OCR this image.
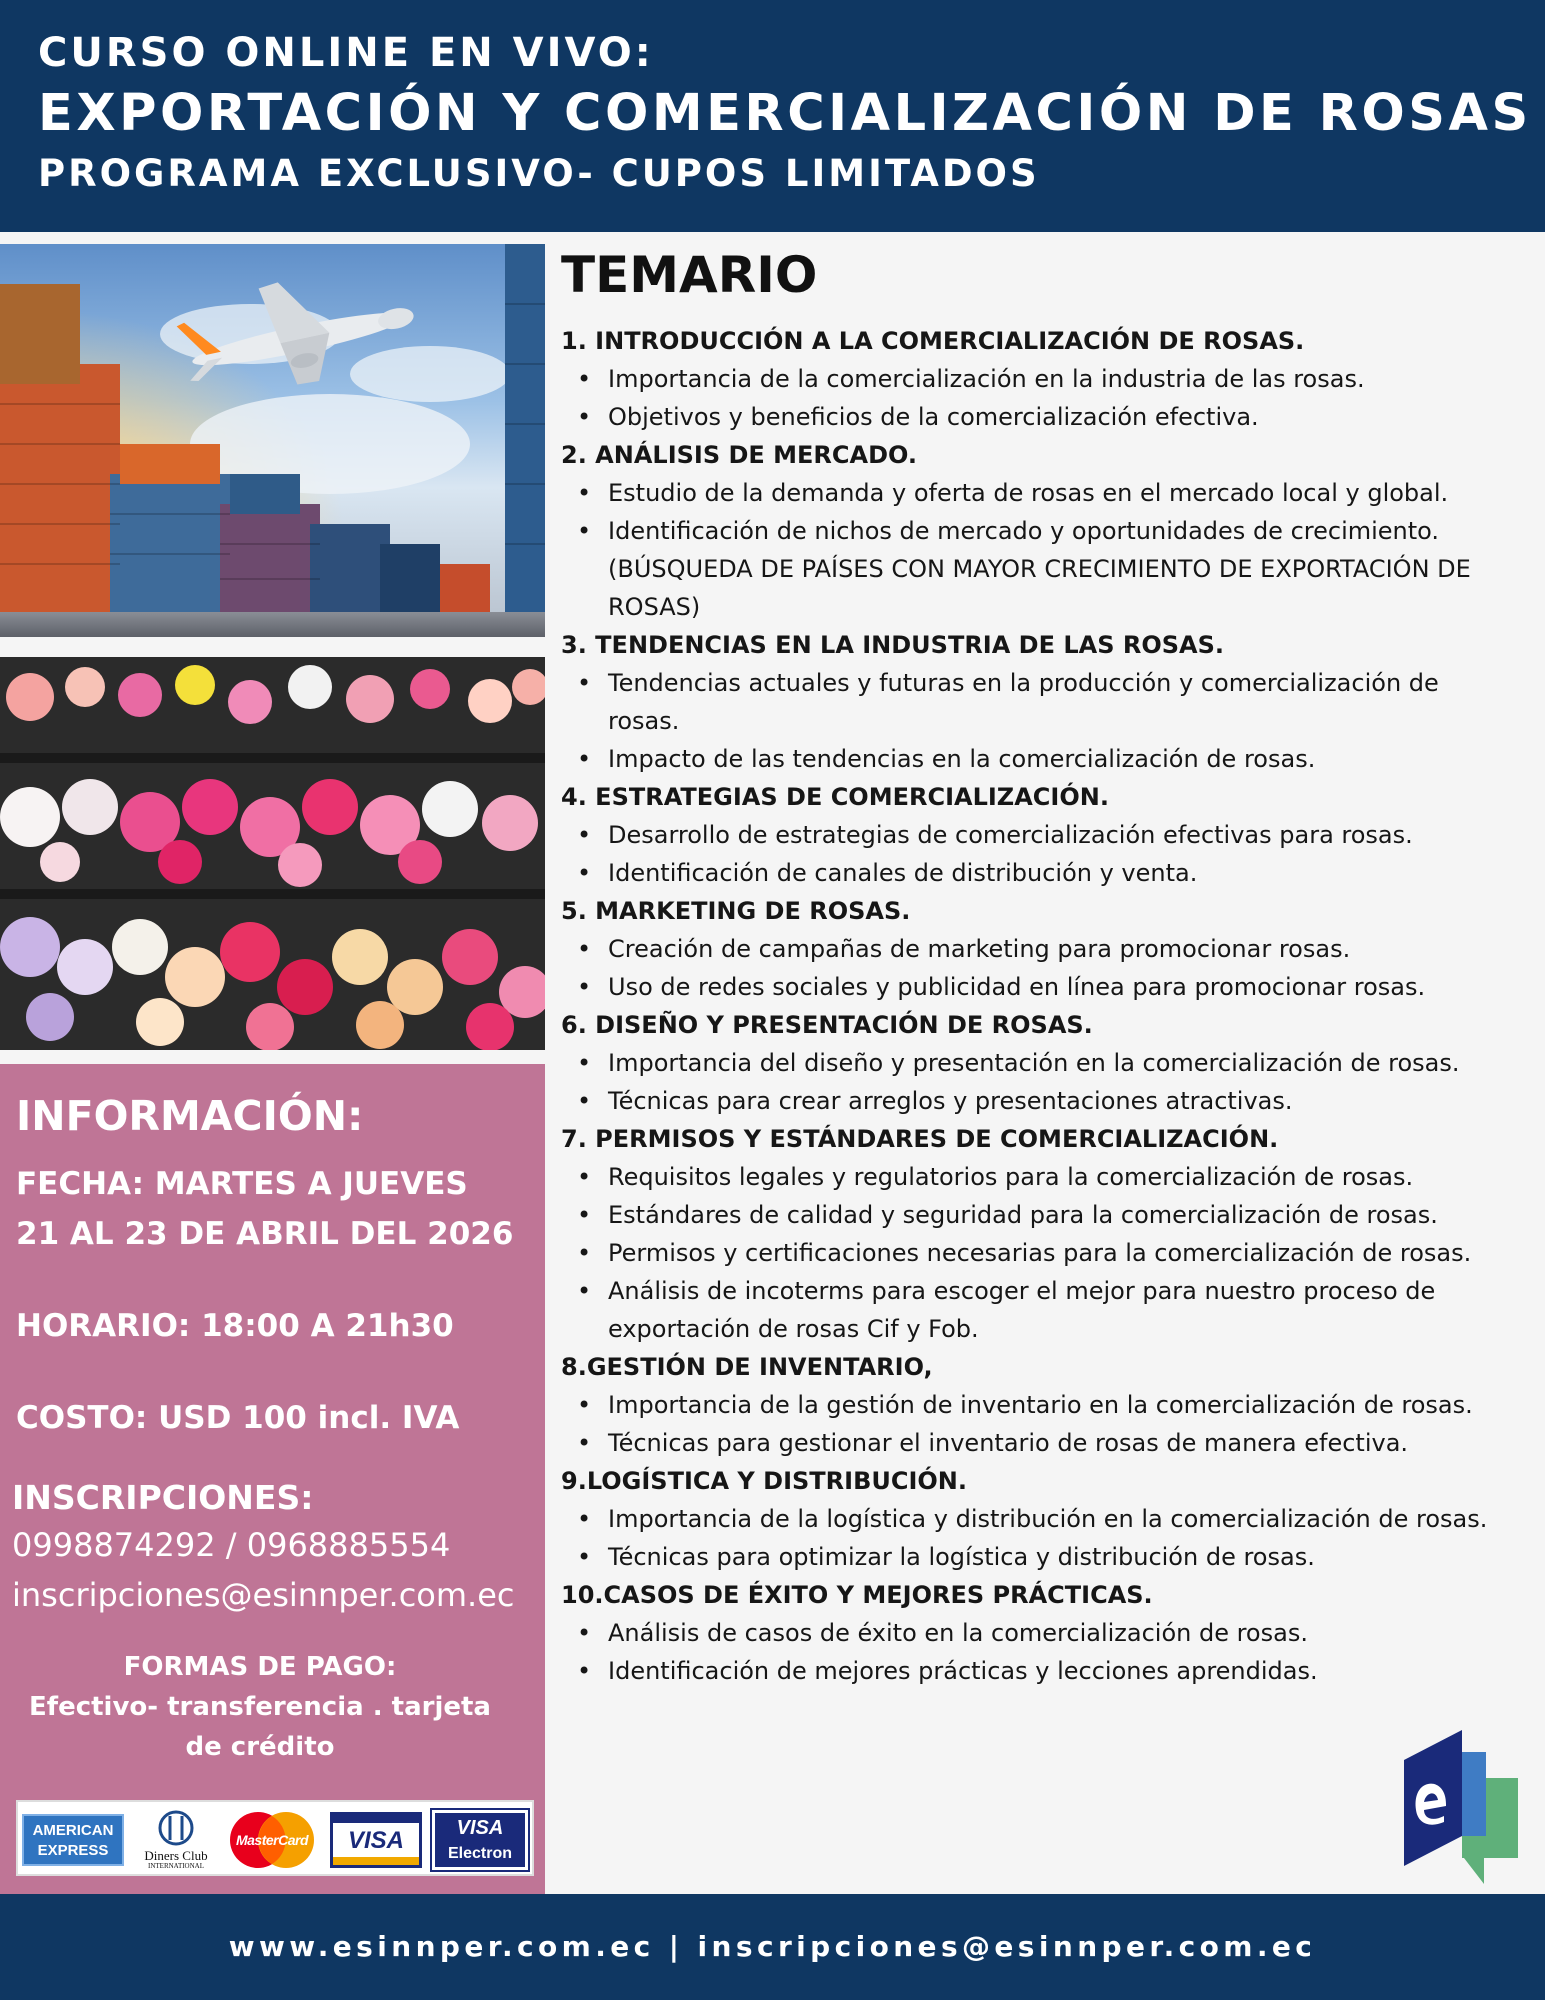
CURSO ONLINE EN VIVO:
EXPORTACIÓN Y COMERCIALIZACIÓN DE ROSAS
PROGRAMA EXCLUSIVO- CUPOS LIMITADOS
INFORMACIÓN:
FECHA: MARTES A JUEVES
21 AL 23 DE ABRIL DEL 2026
HORARIO: 18:00 A 21h30
COSTO: USD 100 incl. IVA
INSCRIPCIONES:
0998874292 / 0968885554
inscripciones@esinnper.com.ec
FORMAS DE PAGO:
Efectivo- transferencia . tarjeta
de crédito
AMERICAN
EXPRESS	Diners Club
INTERNATIONAL
MasterCard	VISA	VISA
Electron
TEMARIO
1. INTRODUCCIÓN A LA COMERCIALIZACIÓN DE ROSAS.
• Importancia de la comercialización en la industria de las rosas.
• Objetivos y beneficios de la comercialización efectiva.
2. ANÁLISIS DE MERCADO.
• Estudio de la demanda y oferta de rosas en el mercado local y global.
• Identificación de nichos de mercado y oportunidades de crecimiento. (BÚSQUEDA DE PAÍSES CON MAYOR CRECIMIENTO DE EXPORTACIÓN DE ROSAS)
3. TENDENCIAS EN LA INDUSTRIA DE LAS ROSAS.
• Tendencias actuales y futuras en la producción y comercialización de rosas.
• Impacto de las tendencias en la comercialización de rosas.
4. ESTRATEGIAS DE COMERCIALIZACIÓN.
• Desarrollo de estrategias de comercialización efectivas para rosas.
• Identificación de canales de distribución y venta.
5. MARKETING DE ROSAS.
• Creación de campañas de marketing para promocionar rosas.
• Uso de redes sociales y publicidad en línea para promocionar rosas.
6. DISEÑO Y PRESENTACIÓN DE ROSAS.
• Importancia del diseño y presentación en la comercialización de rosas.
• Técnicas para crear arreglos y presentaciones atractivas.
7. PERMISOS Y ESTÁNDARES DE COMERCIALIZACIÓN.
• Requisitos legales y regulatorios para la comercialización de rosas.
• Estándares de calidad y seguridad para la comercialización de rosas.
• Permisos y certificaciones necesarias para la comercialización de rosas.
• Análisis de incoterms para escoger el mejor para nuestro proceso de exportación de rosas Cif y Fob.
8.GESTIÓN DE INVENTARIO,
• Importancia de la gestión de inventario en la comercialización de rosas.
• Técnicas para gestionar el inventario de rosas de manera efectiva.
9.LOGÍSTICA Y DISTRIBUCIÓN.
• Importancia de la logística y distribución en la comercialización de rosas.
• Técnicas para optimizar la logística y distribución de rosas.
10.CASOS DE ÉXITO Y MEJORES PRÁCTICAS.
• Análisis de casos de éxito en la comercialización de rosas.
• Identificación de mejores prácticas y lecciones aprendidas.
www.esinnper.com.ec | inscripciones@esinnper.com.ec
